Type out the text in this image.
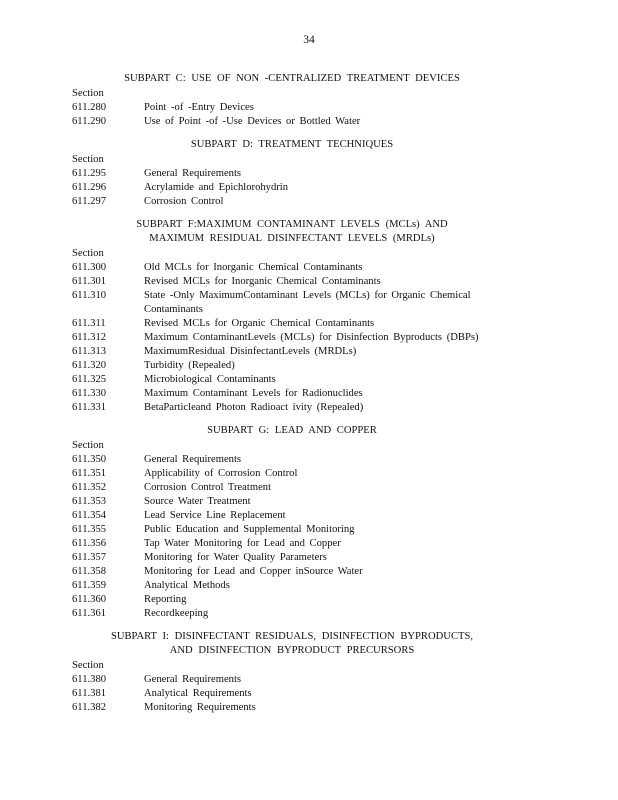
34
SUBPART C: USE OF NON -CENTRALIZED TREATMENT DEVICES
Section
611.280	Point -of -Entry Devices
611.290	Use of Point -of -Use Devices or Bottled Water
SUBPART D: TREATMENT TECHNIQUES
Section
611.295	General Requirements
611.296	Acrylamide and Epichlorohydrin
611.297	Corrosion Control
SUBPART F:MAXIMUM CONTAMINANT LEVELS (MCLs) AND
MAXIMUM RESIDUAL DISINFECTANT LEVELS (MRDLs)
Section
611.300	Old MCLs for Inorganic Chemical Contaminants
611.301	Revised MCLs for Inorganic Chemical Contaminants
611.310	State -Only MaximumContaminant Levels (MCLs) for Organic Chemical Contaminants
611.311	Revised MCLs for Organic Chemical Contaminants
611.312	Maximum ContaminantLevels (MCLs) for Disinfection Byproducts (DBPs)
611.313	MaximumResidual DisinfectantLevels (MRDLs)
611.320	Turbidity (Repealed)
611.325	Microbiological Contaminants
611.330	Maximum Contaminant Levels for Radionuclides
611.331	BetaParticleand Photon Radioact ivity (Repealed)
SUBPART G: LEAD AND COPPER
Section
611.350	General Requirements
611.351	Applicability of Corrosion Control
611.352	Corrosion Control Treatment
611.353	Source Water Treatment
611.354	Lead Service Line Replacement
611.355	Public Education and Supplemental Monitoring
611.356	Tap Water Monitoring for Lead and Copper
611.357	Monitoring for Water Quality Parameters
611.358	Monitoring for Lead and Copper inSource Water
611.359	Analytical Methods
611.360	Reporting
611.361	Recordkeeping
SUBPART I: DISINFECTANT RESIDUALS, DISINFECTION BYPRODUCTS,
AND DISINFECTION BYPRODUCT PRECURSORS
Section
611.380	General Requirements
611.381	Analytical Requirements
611.382	Monitoring Requirements
